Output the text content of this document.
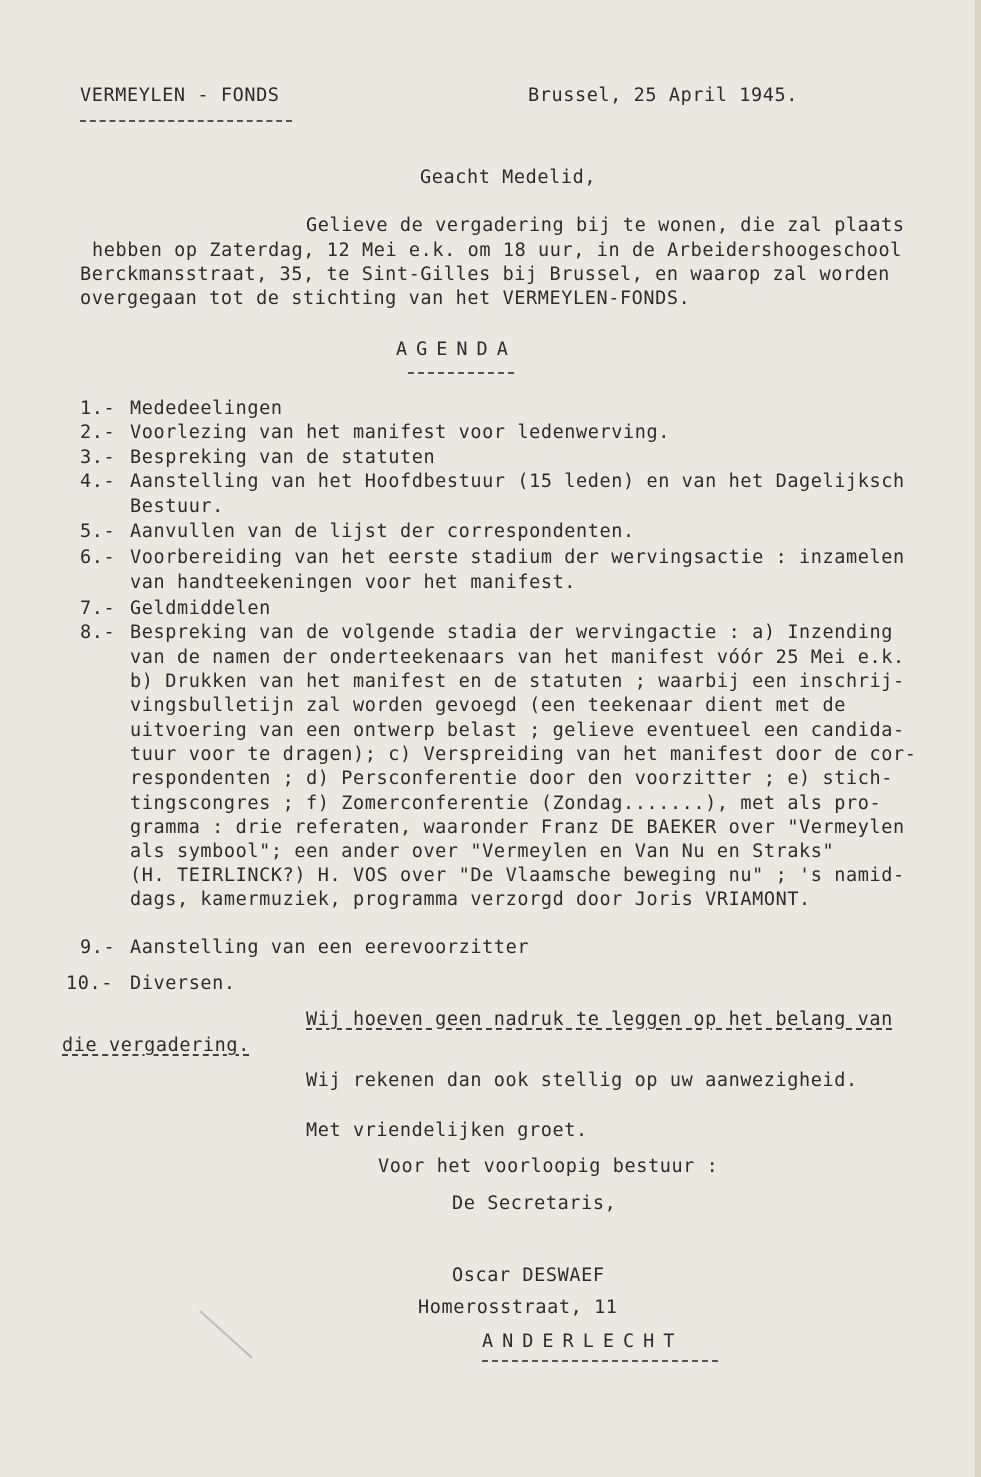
VERMEYLEN - FONDS	Brussel, 25 April 1945.
Geacht Medelid,
Gelieve de vergadering bij te wonen, die zal plaats
hebben op Zaterdag, 12 Mei e.k. om 18 uur, in de Arbeidershoogeschool
Berckmansstraat, 35, te Sint-Gilles bij Brussel, en waarop zal worden
overgegaan tot de stichting van het VERMEYLEN-FONDS.
AGENDA
1.- Mededeelingen
2.- Voorlezing van het manifest voor ledenwerving.
3.- Bespreking van de statuten
4.- Aanstelling van het Hoofdbestuur (15 leden) en van het Dagelijksch
Bestuur.
5.- Aanvullen van de lijst der correspondenten.
6.- Voorbereiding van het eerste stadium der wervingsactie : inzamelen
van handteekeningen voor het manifest.
7.- Geldmiddelen
8.- Bespreking van de volgende stadia der wervingactie : a) Inzending
van de namen der onderteekenaars van het manifest vóór 25 Mei e.k.
b) Drukken van het manifest en de statuten ; waarbij een inschrij-
vingsbulletijn zal worden gevoegd (een teekenaar dient met de
uitvoering van een ontwerp belast ; gelieve eventueel een candida-
tuur voor te dragen); c) Verspreiding van het manifest door de cor-
respondenten ; d) Persconferentie door den voorzitter ; e) stich-
tingscongres ; f) Zomerconferentie (Zondag.......), met als pro-
gramma : drie referaten, waaronder Franz DE BAEKER over "Vermeylen
als symbool"; een ander over "Vermeylen en Van Nu en Straks"
(H. TEIRLINCK?) H. VOS over "De Vlaamsche beweging nu" ; 's namid-
dags, kamermuziek, programma verzorgd door Joris VRIAMONT.
9.- Aanstelling van een eerevoorzitter
10.- Diversen.
Wij hoeven geen nadruk te leggen op het belang van
die vergadering.
Wij rekenen dan ook stellig op uw aanwezigheid.
Met vriendelijken groet.
Voor het voorloopig bestuur :
De Secretaris,
Oscar DESWAEF
Homerosstraat, 11
ANDERLECHT
